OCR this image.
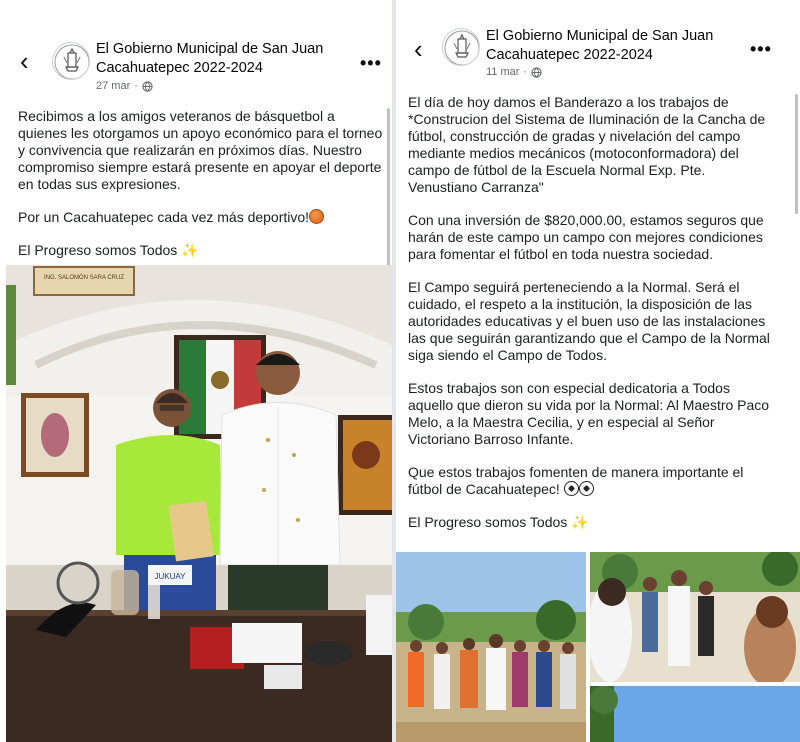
‹	El Gobierno Municipal de San Juan Cacahuatepec 2022-2024
27 mar ·
•••

Recibimos a los amigos veteranos de básquetbol a quienes les otorgamos un apoyo económico para el torneo y convivencia que realizarán en próximos días. Nuestro compromiso siempre estará presente en apoyar el deporte en todas sus expresiones.

Por un Cacahuatepec cada vez más deportivo!

El Progreso somos Todos ✨

ING. SALOMÓN SARA CRUZ
JUKUAY
‹	El Gobierno Municipal de San Juan Cacahuatepec 2022-2024
11 mar ·
•••

El día de hoy damos el Banderazo a los trabajos de *Construcion del Sistema de Iluminación de la Cancha de fútbol, construcción de gradas y nivelación del campo mediante medios mecánicos (motoconformadora) del campo de fútbol de la Escuela Normal Exp. Pte. Venustiano Carranza"

Con una inversión de $820,000.00, estamos seguros que harán de este campo un campo con mejores condiciones para fomentar el fútbol en toda nuestra sociedad.

El Campo seguirá perteneciendo a la Normal. Será el cuidado, el respeto a la institución, la disposición de las autoridades educativas y el buen uso de las instalaciones las que seguirán garantizando que el Campo de la Normal siga siendo el Campo de Todos.

Estos trabajos son con especial dedicatoria a Todos aquello que dieron su vida por la Normal: Al Maestro Paco Melo, a la Maestra Cecilia, y en especial al Señor Victoriano Barroso Infante.

Que estos trabajos fomenten de manera importante el fútbol de Cacahuatepec!

El Progreso somos Todos ✨
